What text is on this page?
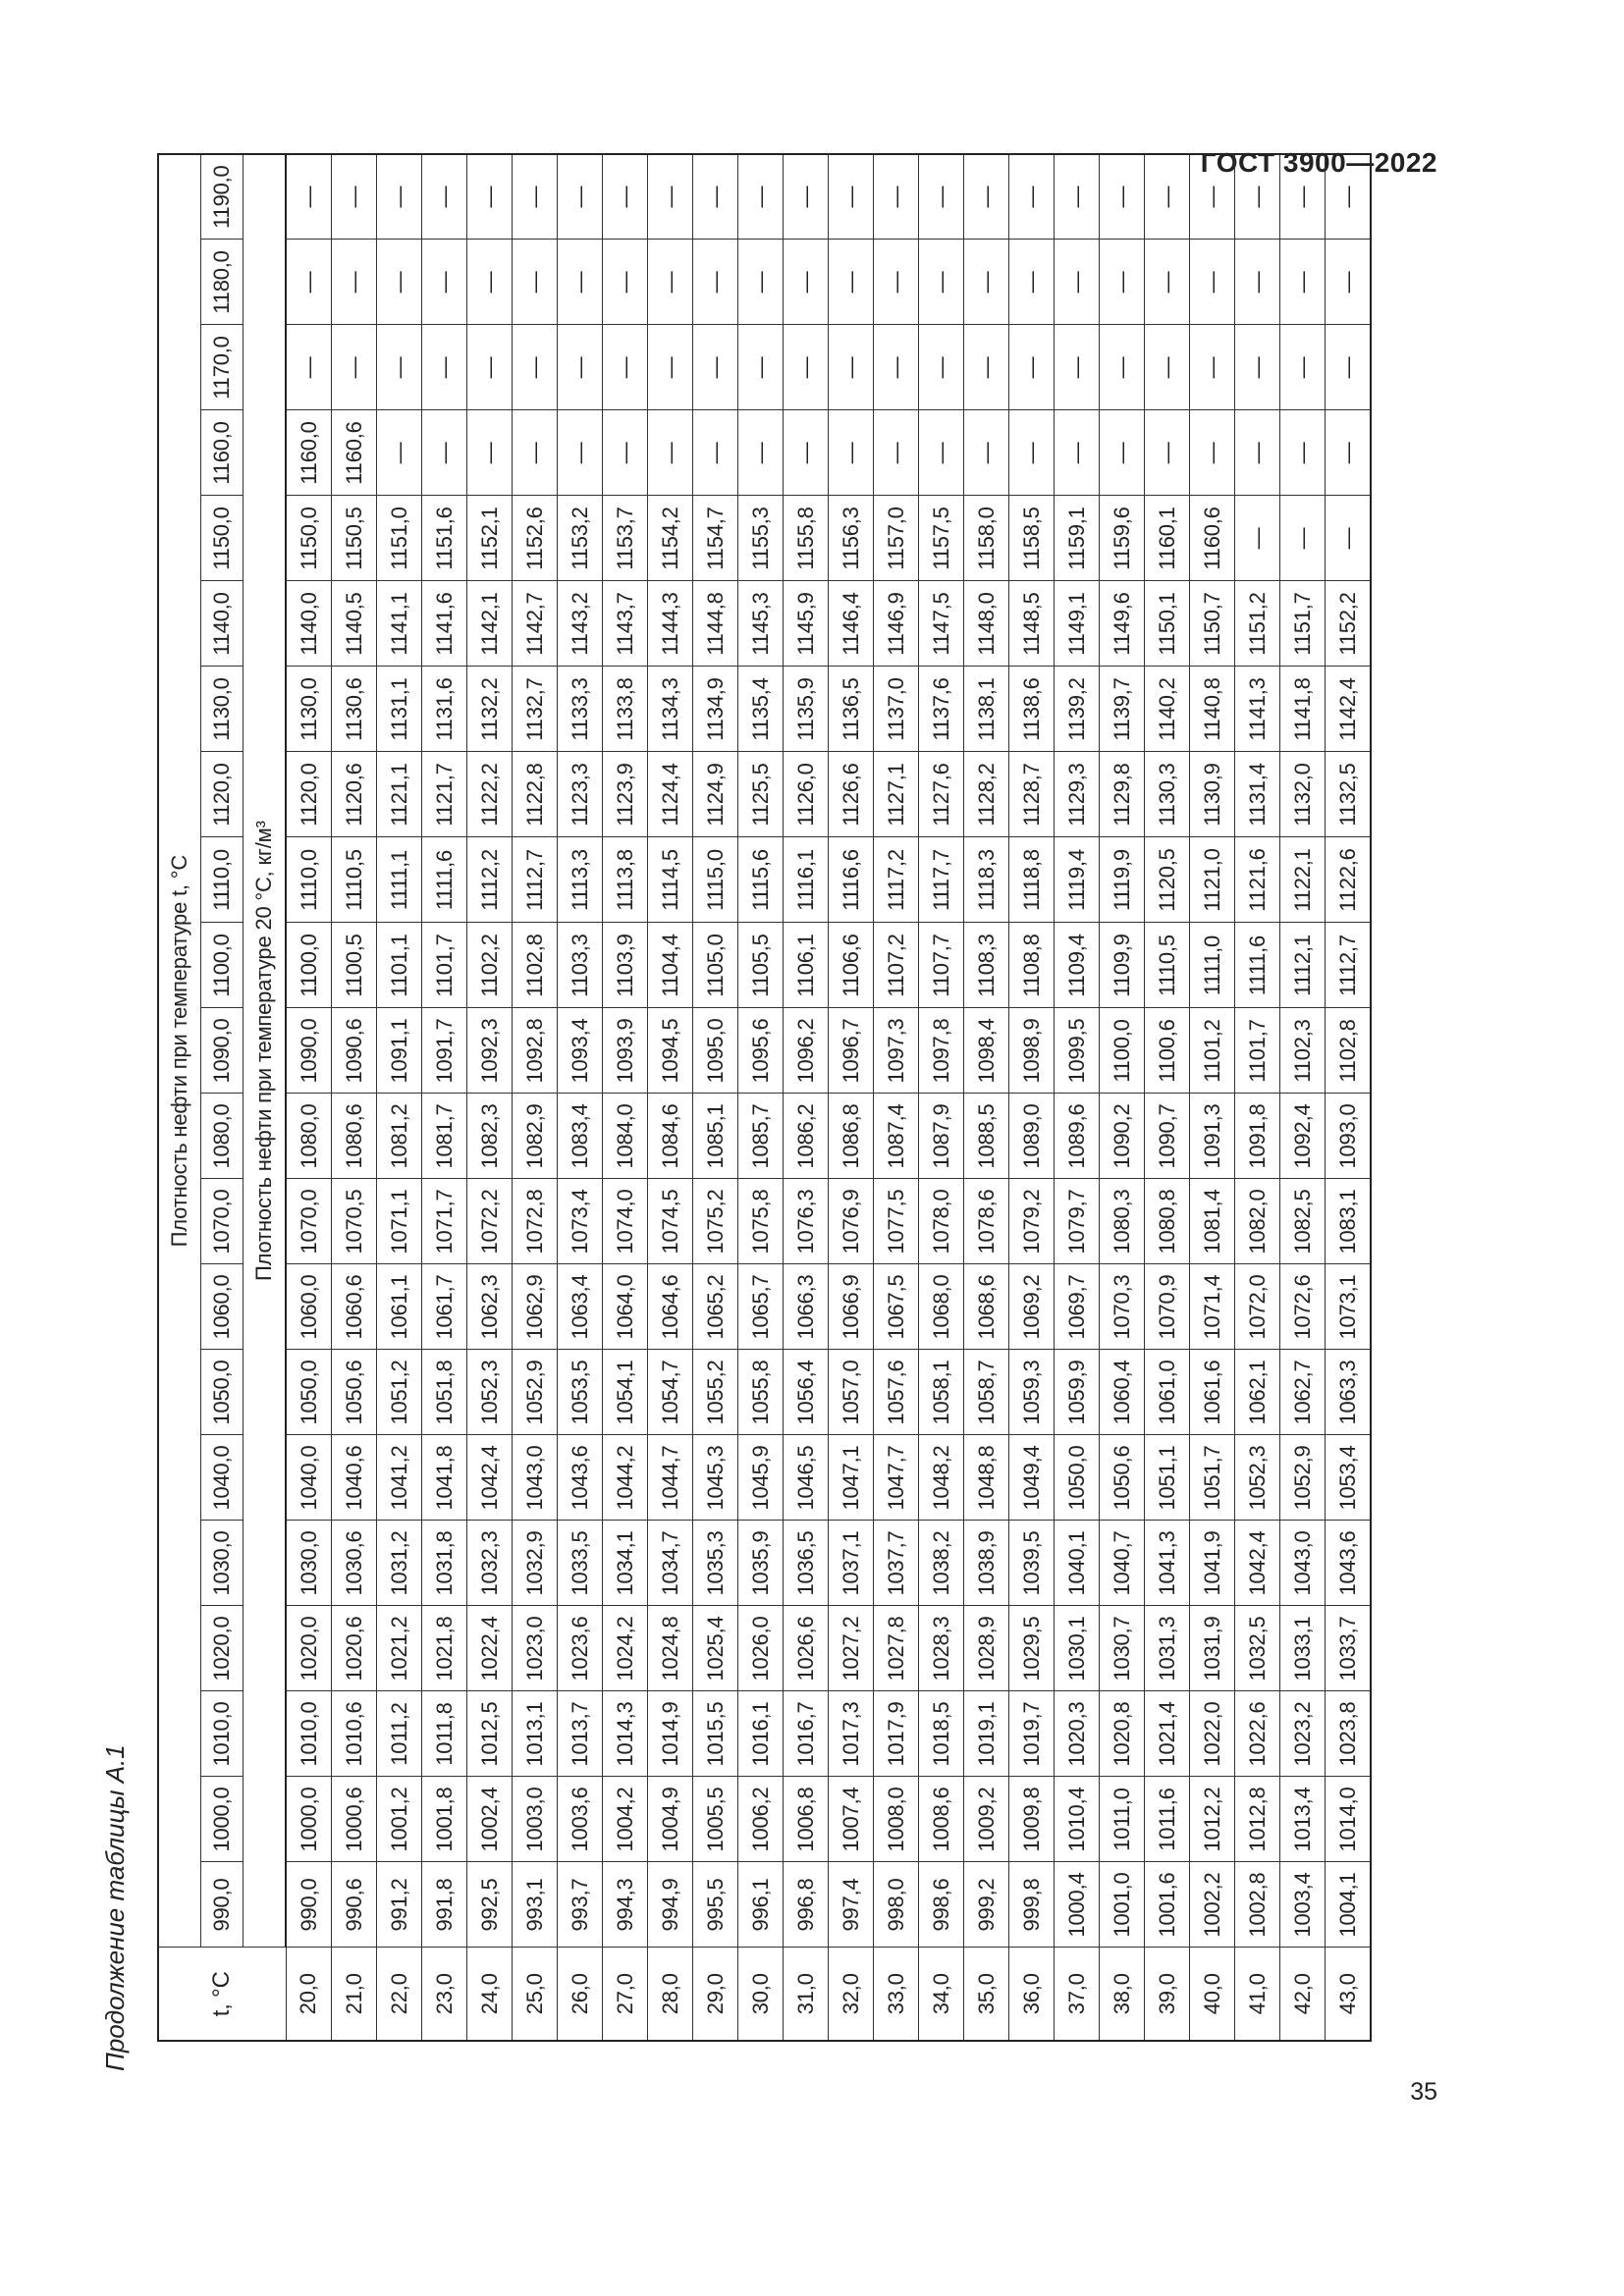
ГОСТ 3900—2022
Продолжение таблицы А.1	t, °C	Плотность нефти при температуре t, °C																				
	990,0	1000,0	1010,0	1020,0	1030,0	1040,0	1050,0	1060,0	1070,0	1080,0	1090,0	1100,0	1110,0	1120,0	1130,0	1140,0	1150,0	1160,0	1170,0	1180,0	1190,0
	Плотность нефти при температуре 20 °C, кг/м³																				
20,0	990,0	1000,0	1010,0	1020,0	1030,0	1040,0	1050,0	1060,0	1070,0	1080,0	1090,0	1100,0	1110,0	1120,0	1130,0	1140,0	1150,0	1160,0	—	—	—
21,0	990,6	1000,6	1010,6	1020,6	1030,6	1040,6	1050,6	1060,6	1070,5	1080,6	1090,6	1100,5	1110,5	1120,6	1130,6	1140,5	1150,5	1160,6	—	—	—
22,0	991,2	1001,2	1011,2	1021,2	1031,2	1041,2	1051,2	1061,1	1071,1	1081,2	1091,1	1101,1	1111,1	1121,1	1131,1	1141,1	1151,0	—	—	—	—
23,0	991,8	1001,8	1011,8	1021,8	1031,8	1041,8	1051,8	1061,7	1071,7	1081,7	1091,7	1101,7	1111,6	1121,7	1131,6	1141,6	1151,6	—	—	—	—
24,0	992,5	1002,4	1012,5	1022,4	1032,3	1042,4	1052,3	1062,3	1072,2	1082,3	1092,3	1102,2	1112,2	1122,2	1132,2	1142,1	1152,1	—	—	—	—
25,0	993,1	1003,0	1013,1	1023,0	1032,9	1043,0	1052,9	1062,9	1072,8	1082,9	1092,8	1102,8	1112,7	1122,8	1132,7	1142,7	1152,6	—	—	—	—
26,0	993,7	1003,6	1013,7	1023,6	1033,5	1043,6	1053,5	1063,4	1073,4	1083,4	1093,4	1103,3	1113,3	1123,3	1133,3	1143,2	1153,2	—	—	—	—
27,0	994,3	1004,2	1014,3	1024,2	1034,1	1044,2	1054,1	1064,0	1074,0	1084,0	1093,9	1103,9	1113,8	1123,9	1133,8	1143,7	1153,7	—	—	—	—
28,0	994,9	1004,9	1014,9	1024,8	1034,7	1044,7	1054,7	1064,6	1074,5	1084,6	1094,5	1104,4	1114,5	1124,4	1134,3	1144,3	1154,2	—	—	—	—
29,0	995,5	1005,5	1015,5	1025,4	1035,3	1045,3	1055,2	1065,2	1075,2	1085,1	1095,0	1105,0	1115,0	1124,9	1134,9	1144,8	1154,7	—	—	—	—
30,0	996,1	1006,2	1016,1	1026,0	1035,9	1045,9	1055,8	1065,7	1075,8	1085,7	1095,6	1105,5	1115,6	1125,5	1135,4	1145,3	1155,3	—	—	—	—
31,0	996,8	1006,8	1016,7	1026,6	1036,5	1046,5	1056,4	1066,3	1076,3	1086,2	1096,2	1106,1	1116,1	1126,0	1135,9	1145,9	1155,8	—	—	—	—
32,0	997,4	1007,4	1017,3	1027,2	1037,1	1047,1	1057,0	1066,9	1076,9	1086,8	1096,7	1106,6	1116,6	1126,6	1136,5	1146,4	1156,3	—	—	—	—
33,0	998,0	1008,0	1017,9	1027,8	1037,7	1047,7	1057,6	1067,5	1077,5	1087,4	1097,3	1107,2	1117,2	1127,1	1137,0	1146,9	1157,0	—	—	—	—
34,0	998,6	1008,6	1018,5	1028,3	1038,2	1048,2	1058,1	1068,0	1078,0	1087,9	1097,8	1107,7	1117,7	1127,6	1137,6	1147,5	1157,5	—	—	—	—
35,0	999,2	1009,2	1019,1	1028,9	1038,9	1048,8	1058,7	1068,6	1078,6	1088,5	1098,4	1108,3	1118,3	1128,2	1138,1	1148,0	1158,0	—	—	—	—
36,0	999,8	1009,8	1019,7	1029,5	1039,5	1049,4	1059,3	1069,2	1079,2	1089,0	1098,9	1108,8	1118,8	1128,7	1138,6	1148,5	1158,5	—	—	—	—
37,0	1000,4	1010,4	1020,3	1030,1	1040,1	1050,0	1059,9	1069,7	1079,7	1089,6	1099,5	1109,4	1119,4	1129,3	1139,2	1149,1	1159,1	—	—	—	—
38,0	1001,0	1011,0	1020,8	1030,7	1040,7	1050,6	1060,4	1070,3	1080,3	1090,2	1100,0	1109,9	1119,9	1129,8	1139,7	1149,6	1159,6	—	—	—	—
39,0	1001,6	1011,6	1021,4	1031,3	1041,3	1051,1	1061,0	1070,9	1080,8	1090,7	1100,6	1110,5	1120,5	1130,3	1140,2	1150,1	1160,1	—	—	—	—
40,0	1002,2	1012,2	1022,0	1031,9	1041,9	1051,7	1061,6	1071,4	1081,4	1091,3	1101,2	1111,0	1121,0	1130,9	1140,8	1150,7	1160,6	—	—	—	—
41,0	1002,8	1012,8	1022,6	1032,5	1042,4	1052,3	1062,1	1072,0	1082,0	1091,8	1101,7	1111,6	1121,6	1131,4	1141,3	1151,2	—	—	—	—	—
42,0	1003,4	1013,4	1023,2	1033,1	1043,0	1052,9	1062,7	1072,6	1082,5	1092,4	1102,3	1112,1	1122,1	1132,0	1141,8	1151,7	—	—	—	—	—
43,0	1004,1	1014,0	1023,8	1033,7	1043,6	1053,4	1063,3	1073,1	1083,1	1093,0	1102,8	1112,7	1122,6	1132,5	1142,4	1152,2	—	—	—	—	—
35
